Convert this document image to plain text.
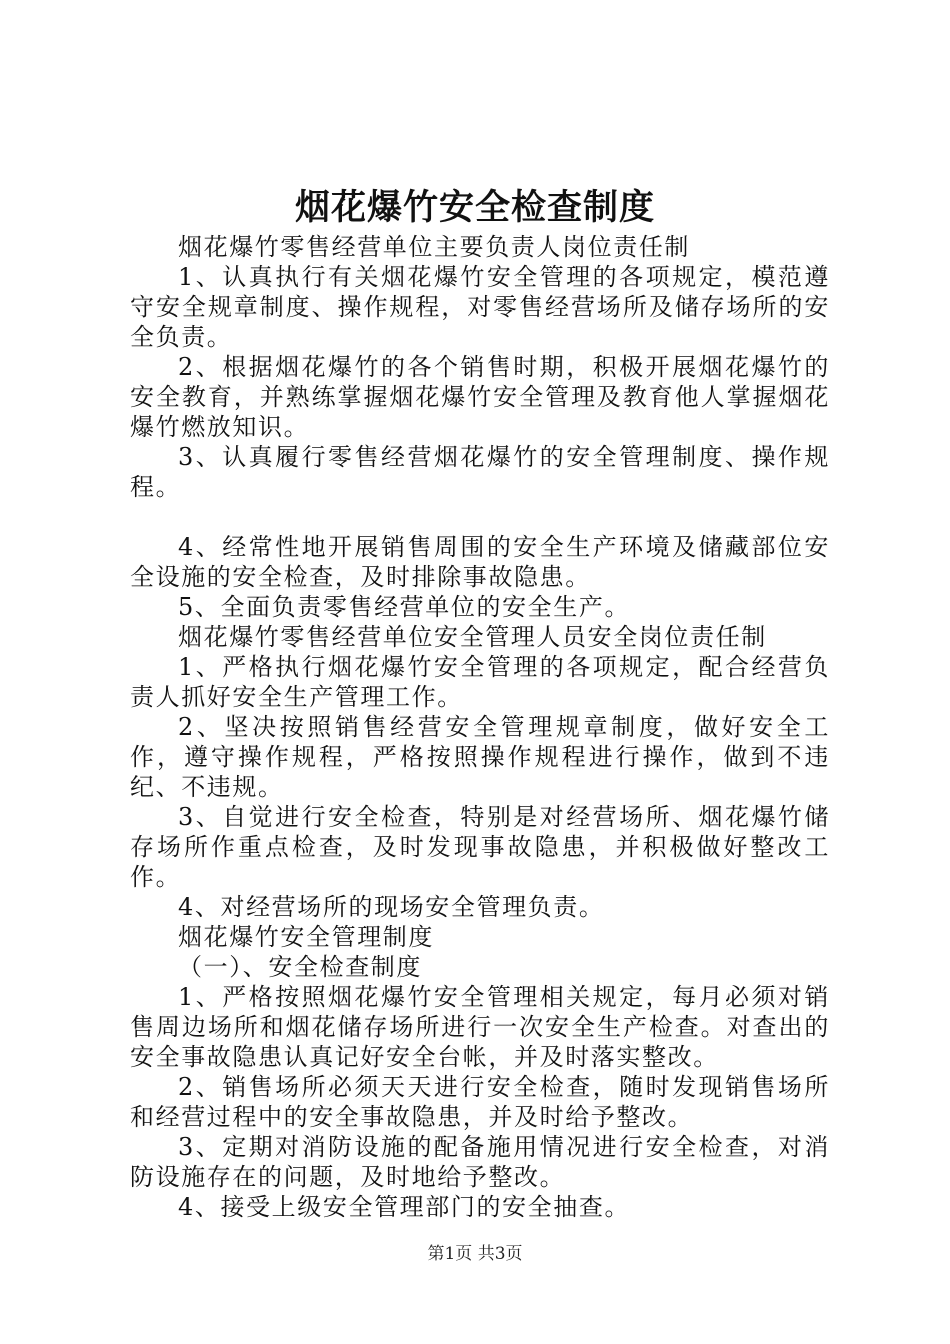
烟花爆竹安全检查制度

烟花爆竹零售经营单位主要负责人岗位责任制

1、认真执行有关烟花爆竹安全管理的各项规定，模范遵守安全规章制度、操作规程，对零售经营场所及储存场所的安全负责。

2、根据烟花爆竹的各个销售时期，积极开展烟花爆竹的安全教育，并熟练掌握烟花爆竹安全管理及教育他人掌握烟花爆竹燃放知识。

3、认真履行零售经营烟花爆竹的安全管理制度、操作规程。

4、经常性地开展销售周围的安全生产环境及储藏部位安全设施的安全检查，及时排除事故隐患。

5、全面负责零售经营单位的安全生产。

烟花爆竹零售经营单位安全管理人员安全岗位责任制

1、严格执行烟花爆竹安全管理的各项规定，配合经营负责人抓好安全生产管理工作。

2、坚决按照销售经营安全管理规章制度，做好安全工作，遵守操作规程，严格按照操作规程进行操作，做到不违纪、不违规。

3、自觉进行安全检查，特别是对经营场所、烟花爆竹储存场所作重点检查，及时发现事故隐患，并积极做好整改工作。

4、对经营场所的现场安全管理负责。

烟花爆竹安全管理制度

（一）、安全检查制度

1、严格按照烟花爆竹安全管理相关规定，每月必须对销售周边场所和烟花储存场所进行一次安全生产检查。对查出的安全事故隐患认真记好安全台帐，并及时落实整改。

2、销售场所必须天天进行安全检查，随时发现销售场所和经营过程中的安全事故隐患，并及时给予整改。

3、定期对消防设施的配备施用情况进行安全检查，对消防设施存在的问题，及时地给予整改。

4、接受上级安全管理部门的安全抽查。

第1页 共3页
